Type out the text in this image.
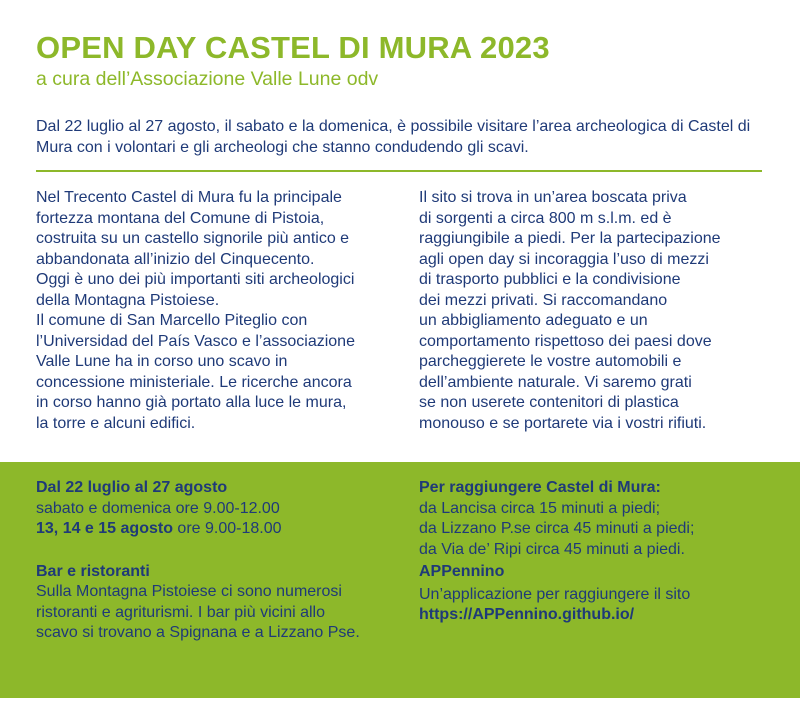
OPEN DAY CASTEL DI MURA 2023
a cura dell’Associazione Valle Lune odv
Dal 22 luglio al 27 agosto, il sabato e la domenica, è possibile visitare l’area archeologica di Castel di Mura con i volontari e gli archeologi che stanno condudendo gli scavi.

Nel Trecento Castel di Mura fu la principale
fortezza montana del Comune di Pistoia,
costruita su un castello signorile più antico e
abbandonata all’inizio del Cinquecento.
Oggi è uno dei più importanti siti archeologici
della Montagna Pistoiese.
Il comune di San Marcello Piteglio con
l’Universidad del País Vasco e l’associazione
Valle Lune ha in corso uno scavo in
concessione ministeriale. Le ricerche ancora
in corso hanno già portato alla luce le mura,
la torre e alcuni edifici.

Il sito si trova in un’area boscata priva
di sorgenti a circa 800 m s.l.m. ed è
raggiungibile a piedi. Per la partecipazione
agli open day si incoraggia l’uso di mezzi
di trasporto pubblici e la condivisione
dei mezzi privati. Si raccomandano
un abbigliamento adeguato e un
comportamento rispettoso dei paesi dove
parcheggierete le vostre automobili e
dell’ambiente naturale. Vi saremo grati
se non userete contenitori di plastica
monouso e se portarete via i vostri rifiuti.

Dal 22 luglio al 27 agosto
sabato e domenica ore 9.00-12.00
13, 14 e 15 agosto ore 9.00-18.00
Bar e ristoranti

Sulla Montagna Pistoiese ci sono numerosi
ristoranti e agriturismi. I bar più vicini allo
scavo si trovano a Spignana e a Lizzano Pse.

Per raggiungere Castel di Mura:
da Lancisa circa 15 minuti a piedi;
da Lizzano P.se circa 45 minuti a piedi;
da Via de’ Ripi circa 45 minuti a piedi.
APPennino
Un’applicazione per raggiungere il sito
https://APPennino.github.io/
